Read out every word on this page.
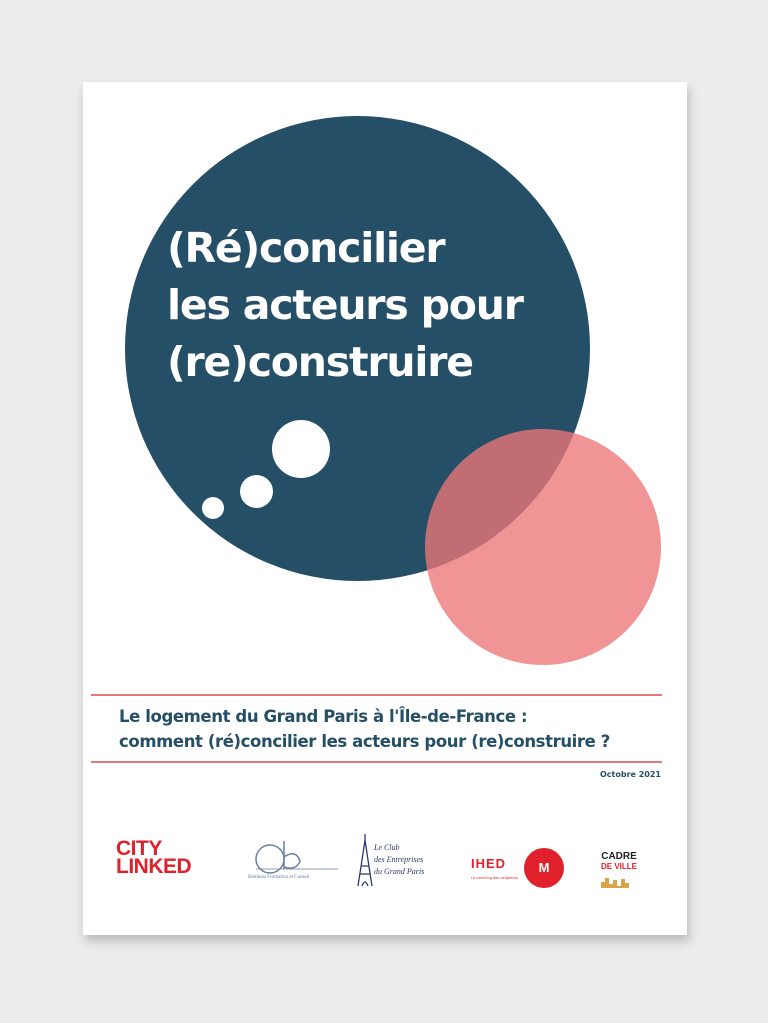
(Ré)concilier
les acteurs pour
(re)construire
Le logement du Grand Paris à l'Île-de-France :
comment (ré)concilier les acteurs pour (re)construire ?
Octobre 2021
CITY
LINKED	Bertheau Formation et Conseil
Le Club
des Entreprises
du Grand Paris
IHED	M
Le coaching des dirigeants
CADRE
DE VILLE
